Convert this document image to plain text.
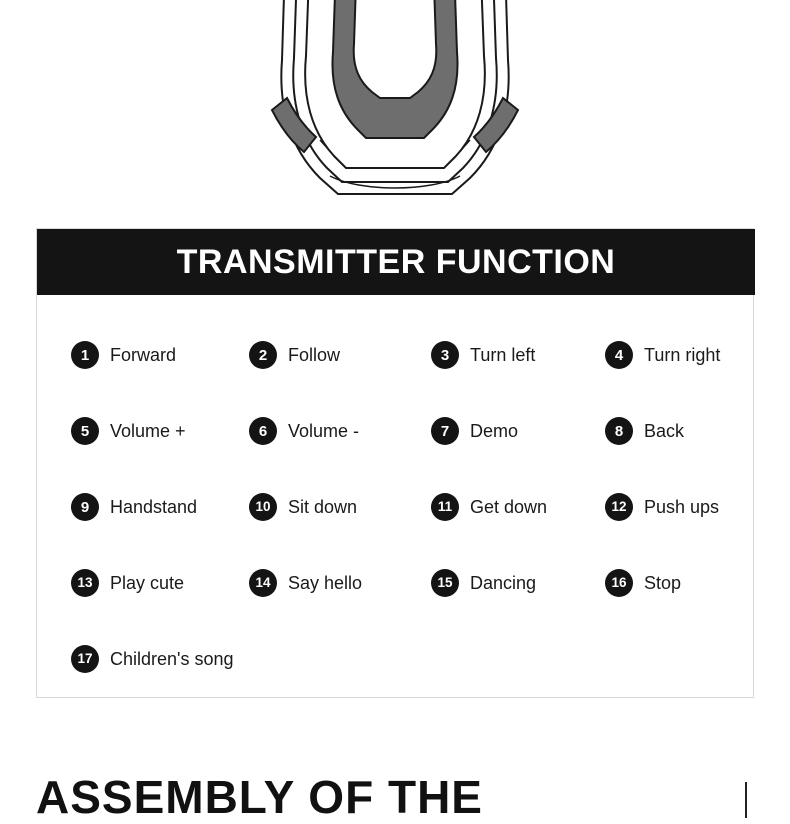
TRANSMITTER FUNCTION
1	Forward	2	Follow	3	Turn left	4	Turn right
5	Volume +	6	Volume -	7	Demo	8	Back
9	Handstand	10 Sit down	11 Get down	12 Push ups
13 Play cute	14 Say hello	15 Dancing	16 Stop
17 Children's song
ASSEMBLY OF THE
